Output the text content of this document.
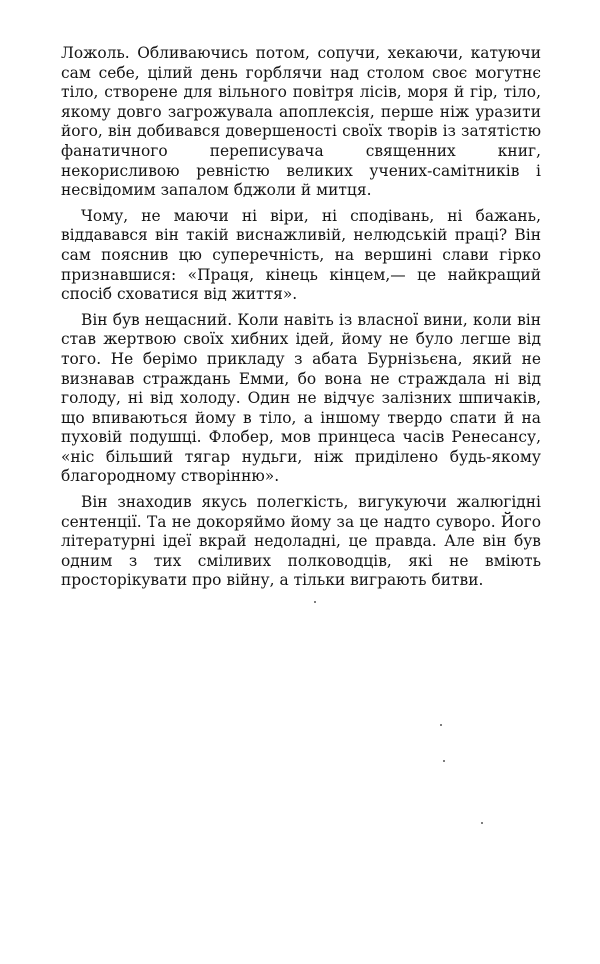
Ложоль. Обливаючись потом, сопучи, хекаючи, катуючи сам себе, цілий день горблячи над столом своє могутнє тіло, створене для вільного повітря лісів, моря й гір, тіло, якому довго загрожувала апоплексія, перше ніж уразити його, він добивався довершеності своїх творів із затятістю фанатичного переписувача священних книг, некорисливою ревністю великих учених-самітників і несвідомим запалом бджоли й митця.

Чому, не маючи ні віри, ні сподівань, ні бажань, віддавався він такій виснажливій, нелюдській праці? Він сам пояснив цю суперечність, на вершині слави гірко признавшися: «Праця, кінець кінцем,— це найкращий спосіб сховатися від життя».

Він був нещасний. Коли навіть із власної вини, коли він став жертвою своїх хибних ідей, йому не було легше від того. Не берімо прикладу з абата Бурнізьєна, який не визнавав страждань Емми, бо вона не страждала ні від голоду, ні від холоду. Один не відчує залізних шпичаків, що впиваються йому в тіло, а іншому твердо спати й на пуховій подушці. Флобер, мов принцеса часів Ренесансу, «ніс більший тягар нудьги, ніж приділено будь-якому благородному створінню».

Він знаходив якусь полегкість, вигукуючи жалюгідні сентенції. Та не докоряймо йому за це надто суворо. Його літературні ідеї вкрай недоладні, це правда. Але він був одним з тих сміливих полководців, які не вміють просторікувати про війну, а тільки виграють битви.
